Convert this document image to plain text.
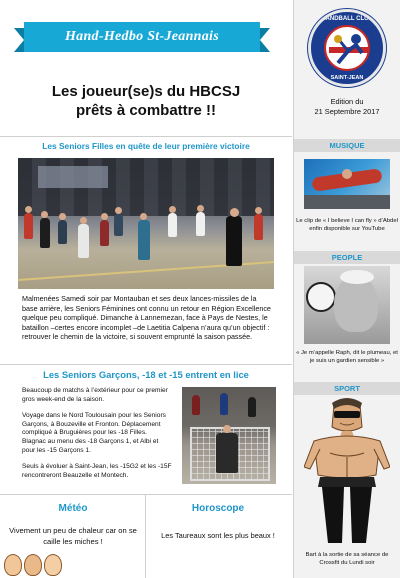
Hand-Hedbo St-Jeannais
Les joueur(se)s du HBCSJ
prêts à combattre !!
Les Seniors Filles en quête de leur première victoire
Malmenées Samedi soir par Montauban et ses deux lances-missiles de la base arrière, les Seniors Féminines ont connu un retour en Région Excellence quelque peu compliqué. Dimanche à Lannemezan, face à Pays de Nestes, le bataillon –certes encore incomplet –de Laetitia Calpena n’aura qu’un objectif : retrouver le chemin de la victoire, si souvent emprunté la saison passée.
Les Seniors Garçons, -18 et -15 entrent en lice

Beaucoup de matchs à l’extérieur pour ce premier gros week-end de la saison.

Voyage dans le Nord Toulousain pour les Seniors Garçons, à Bouzeville et Fronton. Déplacement compliqué à Bruguières pour les -18 Filles. Blagnac au menu des -18 Garçons 1, et Albi et pour les -15 Garçons 1.

Seuls à évoluer à Saint-Jean, les -15G2 et les -15F rencontreront Beauzelle et Montech.

Météo
Vivement un peu de chaleur car on se caille les miches !
Horoscope
Les Taureaux sont les plus beaux !
HANDBALL CLUB
SAINT-JEAN
Edition du
21 Septembre 2017
MUSIQUE
Le clip de « I believe I can fly » d’Abdel enfin disponible sur YouTube
PEOPLE
« Je m’appelle Raph, dit le plumeau, et je suis un gardien sensible »
SPORT
Bart à la sortie de sa séance de Crossfit du Lundi soir
